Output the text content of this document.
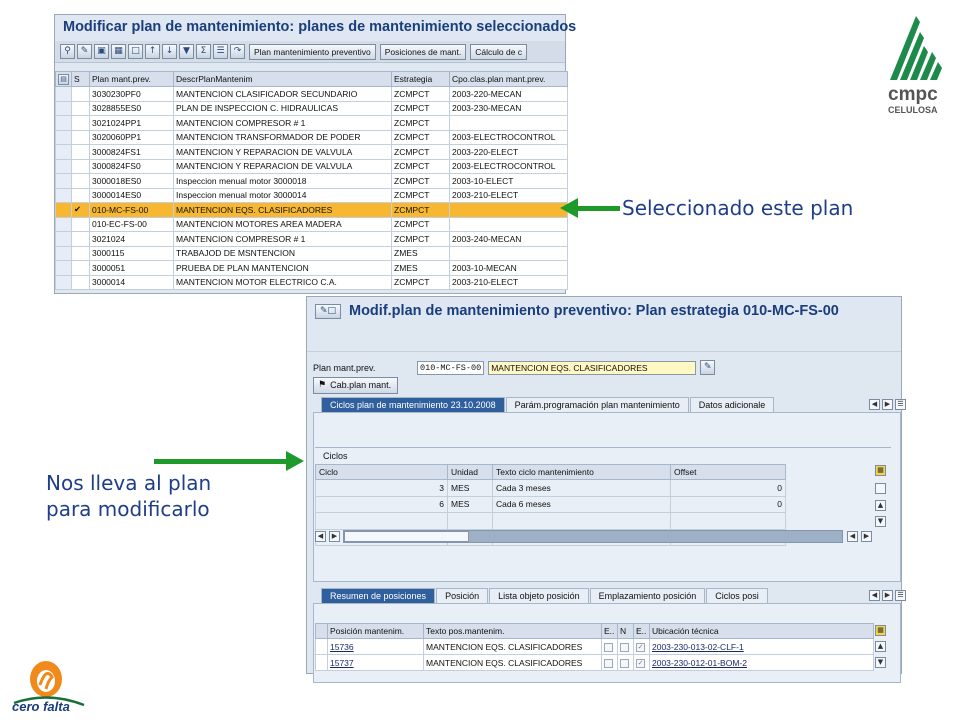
Modificar plan de mantenimiento: planes de mantenimiento seleccionados
⚲	✎ ▣ ▦ □ ↑	↓	▼	Σ	☰	↷	Plan mantenimiento preventivo	Posiciones de mant.	Cálculo de c
▤	S	Plan mant.prev.	DescrPlanMantenim	Estrategia	Cpo.clas.plan mant.prev.
		3030230PF0	MANTENCION CLASIFICADOR SECUNDARIO	ZCMPCT	2003-220-MECAN
		3028855ES0	PLAN DE INSPECCION C. HIDRAULICAS	ZCMPCT	2003-230-MECAN
		3021024PP1	MANTENCION COMPRESOR # 1	ZCMPCT	
		3020060PP1	MANTENCION TRANSFORMADOR DE PODER	ZCMPCT	2003-ELECTROCONTROL
		3000824FS1	MANTENCION Y REPARACION DE VALVULA	ZCMPCT	2003-220-ELECT
		3000824FS0	MANTENCION Y REPARACION DE VALVULA	ZCMPCT	2003-ELECTROCONTROL
		3000018ES0	Inspeccion menual motor 3000018	ZCMPCT	2003-10-ELECT
		3000014ES0	Inspeccion menual motor 3000014	ZCMPCT	2003-210-ELECT
	✔	010-MC-FS-00	MANTENCION EQS. CLASIFICADORES	ZCMPCT	
		010-EC-FS-00	MANTENCION MOTORES AREA MADERA	ZCMPCT	
		3021024	MANTENCION COMPRESOR # 1	ZCMPCT	2003-240-MECAN
		3000115	TRABAJOD DE MSNTENCION	ZMES	
		3000051	PRUEBA DE PLAN MANTENCION	ZMES	2003-10-MECAN
		3000014	MANTENCION MOTOR ELECTRICO C.A.	ZCMPCT	2003-210-ELECT
✎□ Modif.plan de mantenimiento preventivo: Plan estrategia 010-MC-FS-00
Plan mant.prev.	010-MC-FS-00	MANTENCION EQS. CLASIFICADORES	✎
⚑ Cab.plan mant.
Ciclos plan de mantenimiento 23.10.2008	Parám.programación plan mantenimiento	Datos adicionale	◀	▶	☰
Ciclos
Ciclo	Unidad	Texto ciclo mantenimiento	Offset
3	MES	Cada 3 meses	0
6	MES	Cada 6 meses	0

▦
▲
▼
◀	▶	◀	▶
Resumen de posiciones	Posición	Lista objeto posición	Emplazamiento posición	Ciclos posi	◀	▶	☰
	Posición mantenim.	Texto pos.mantenim.	E..	N	E..	Ubicación técnica
	15736	MANTENCION EQS. CLASIFICADORES			✓	2003-230-013-02-CLF-1
	15737	MANTENCION EQS. CLASIFICADORES			✓	2003-230-012-01-BOM-2
▦
▲
▼
Seleccionado este plan
Nos lleva al plan
para modificarlo
cmpc
CELULOSA
cero falta
